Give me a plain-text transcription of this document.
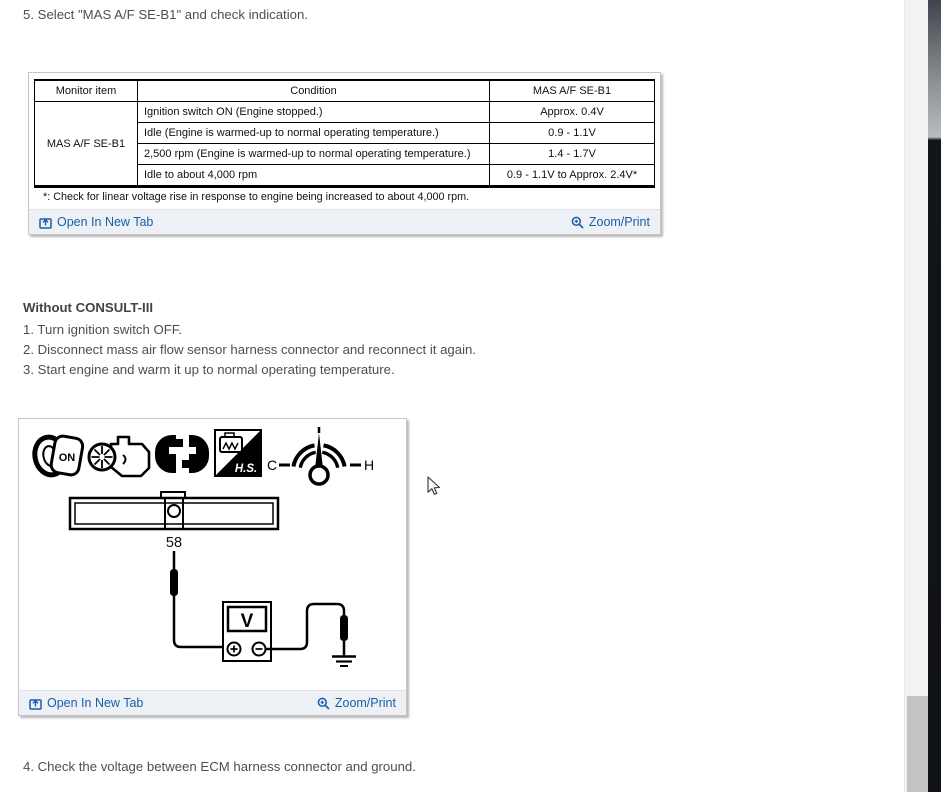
5. Select "MAS A/F SE-B1" and check indication.
Monitor item	Condition	MAS A/F SE-B1
MAS A/F SE-B1	Ignition switch ON (Engine stopped.)	Approx. 0.4V
	Idle (Engine is warmed-up to normal operating temperature.)	0.9 - 1.1V
	2,500 rpm (Engine is warmed-up to normal operating temperature.)	1.4 - 1.7V
	Idle to about 4,000 rpm	0.9 - 1.1V to Approx. 2.4V*
*: Check for linear voltage rise in response to engine being increased to about 4,000 rpm.
Open In New Tab	Zoom/Print
Without CONSULT-III
1. Turn ignition switch OFF.
2. Disconnect mass air flow sensor harness connector and reconnect it again.
3. Start engine and warm it up to normal operating temperature.
ON
H.S. C	H
58
V
Open In New Tab	Zoom/Print
4. Check the voltage between ECM harness connector and ground.
